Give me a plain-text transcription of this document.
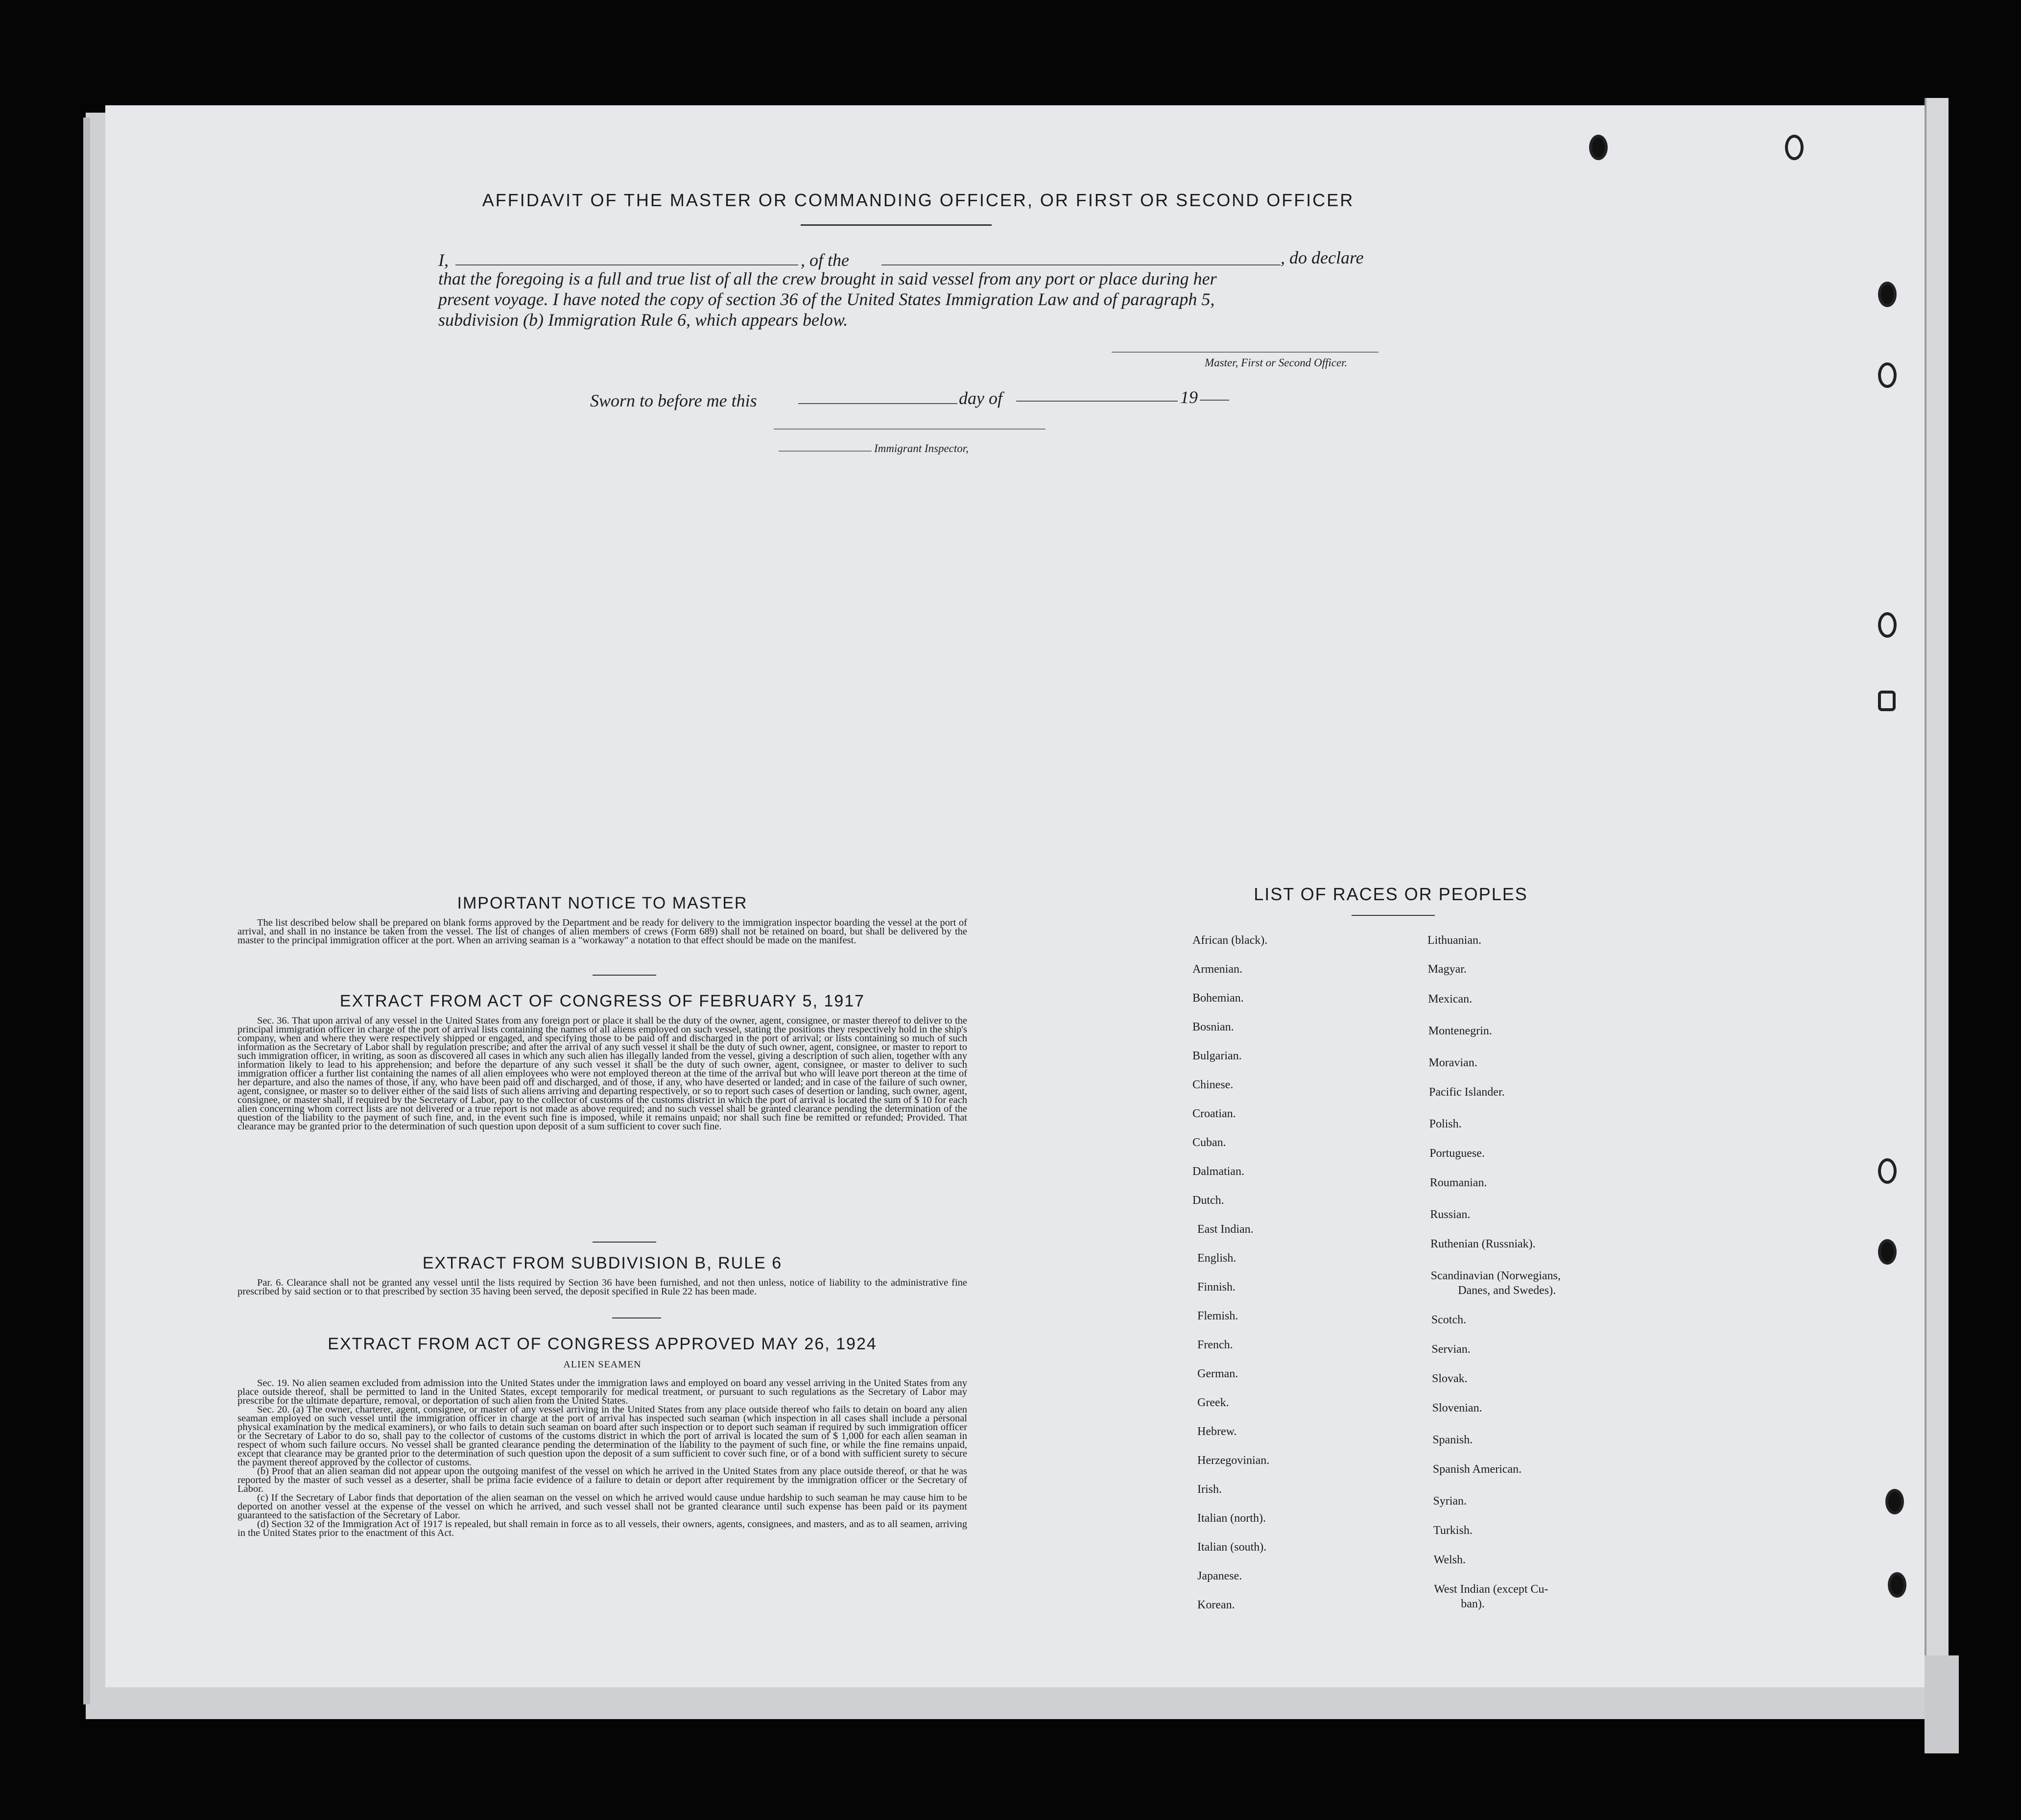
AFFIDAVIT OF THE MASTER OR COMMANDING OFFICER, OR FIRST OR SECOND OFFICER
I,	, of the	, do declare
that the foregoing is a full and true list of all the crew brought in said vessel from any port or place during her
present voyage. I have noted the copy of section 36 of the United States Immigration Law and of paragraph 5,
subdivision (b) Immigration Rule 6, which appears below.
Master, First or Second Officer.
Sworn to before me this	day of	19
Immigrant Inspector,
IMPORTANT NOTICE TO MASTER

The list described below shall be prepared on blank forms approved by the Department and be ready for delivery to the immigration inspector boarding the vessel at the port of arrival, and shall in no instance be taken from the vessel. The list of changes of alien members of crews (Form 689) shall not be retained on board, but shall be delivered by the master to the principal immigration officer at the port. When an arriving seaman is a "workaway" a notation to that effect should be made on the manifest.

EXTRACT FROM ACT OF CONGRESS OF FEBRUARY 5, 1917

Sec. 36. That upon arrival of any vessel in the United States from any foreign port or place it shall be the duty of the owner, agent, consignee, or master thereof to deliver to the principal immigration officer in charge of the port of arrival lists containing the names of all aliens employed on such vessel, stating the positions they respectively hold in the ship's company, when and where they were respectively shipped or engaged, and specifying those to be paid off and discharged in the port of arrival; or lists containing so much of such information as the Secretary of Labor shall by regulation prescribe; and after the arrival of any such vessel it shall be the duty of such owner, agent, consignee, or master to report to such immigration officer, in writing, as soon as discovered all cases in which any such alien has illegally landed from the vessel, giving a description of such alien, together with any information likely to lead to his apprehension; and before the departure of any such vessel it shall be the duty of such owner, agent, consignee, or master to deliver to such immigration officer a further list containing the names of all alien employees who were not employed thereon at the time of the arrival but who will leave port thereon at the time of her departure, and also the names of those, if any, who have been paid off and discharged, and of those, if any, who have deserted or landed; and in case of the failure of such owner, agent, consignee, or master so to deliver either of the said lists of such aliens arriving and departing respectively, or so to report such cases of desertion or landing, such owner, agent, consignee, or master shall, if required by the Secretary of Labor, pay to the collector of customs of the customs district in which the port of arrival is located the sum of $ 10 for each alien concerning whom correct lists are not delivered or a true report is not made as above required; and no such vessel shall be granted clearance pending the determination of the question of the liability to the payment of such fine, and, in the event such fine is imposed, while it remains unpaid; nor shall such fine be remitted or refunded; Provided. That clearance may be granted prior to the determination of such question upon deposit of a sum sufficient to cover such fine.

EXTRACT FROM SUBDIVISION B, RULE 6

Par. 6. Clearance shall not be granted any vessel until the lists required by Section 36 have been furnished, and not then unless, notice of liability to the administrative fine prescribed by said section or to that prescribed by section 35 having been served, the deposit specified in Rule 22 has been made.

EXTRACT FROM ACT OF CONGRESS APPROVED MAY 26, 1924
ALIEN SEAMEN

Sec. 19. No alien seamen excluded from admission into the United States under the immigration laws and employed on board any vessel arriving in the United States from any place outside thereof, shall be permitted to land in the United States, except temporarily for medical treatment, or pursuant to such regulations as the Secretary of Labor may prescribe for the ultimate departure, removal, or deportation of such alien from the United States.

Sec. 20. (a) The owner, charterer, agent, consignee, or master of any vessel arriving in the United States from any place outside thereof who fails to detain on board any alien seaman employed on such vessel until the immigration officer in charge at the port of arrival has inspected such seaman (which inspection in all cases shall include a personal physical examination by the medical examiners), or who fails to detain such seaman on board after such inspection or to deport such seaman if required by such immigration officer or the Secretary of Labor to do so, shall pay to the collector of customs of the customs district in which the port of arrival is located the sum of $ 1,000 for each alien seaman in respect of whom such failure occurs. No vessel shall be granted clearance pending the determination of the liability to the payment of such fine, or while the fine remains unpaid, except that clearance may be granted prior to the determination of such question upon the deposit of a sum sufficient to cover such fine, or of a bond with sufficient surety to secure the payment thereof approved by the collector of customs.

(b) Proof that an alien seaman did not appear upon the outgoing manifest of the vessel on which he arrived in the United States from any place outside thereof, or that he was reported by the master of such vessel as a deserter, shall be prima facie evidence of a failure to detain or deport after requirement by the immigration officer or the Secretary of Labor.

(c) If the Secretary of Labor finds that deportation of the alien seaman on the vessel on which he arrived would cause undue hardship to such seaman he may cause him to be deported on another vessel at the expense of the vessel on which he arrived, and such vessel shall not be granted clearance until such expense has been paid or its payment guaranteed to the satisfaction of the Secretary of Labor.

(d) Section 32 of the Immigration Act of 1917 is repealed, but shall remain in force as to all vessels, their owners, agents, consignees, and masters, and as to all seamen, arriving in the United States prior to the enactment of this Act.

LIST OF RACES OR PEOPLES
African (black).
Armenian.
Bohemian.
Bosnian.
Bulgarian.
Chinese.
Croatian.
Cuban.
Dalmatian.
Dutch.
East Indian.
English.
Finnish.
Flemish.
French.
German.
Greek.
Hebrew.
Herzegovinian.
Irish.
Italian (north).
Italian (south).
Japanese.
Korean.
Lithuanian.
Magyar.
Mexican.
Montenegrin.
Moravian.
Pacific Islander.
Polish.
Portuguese.
Roumanian.
Russian.
Ruthenian (Russniak).
Scandinavian (Norwegians,
Danes, and Swedes).
Scotch.
Servian.
Slovak.
Slovenian.
Spanish.
Spanish American.
Syrian.
Turkish.
Welsh.
West Indian (except Cu-
ban).
